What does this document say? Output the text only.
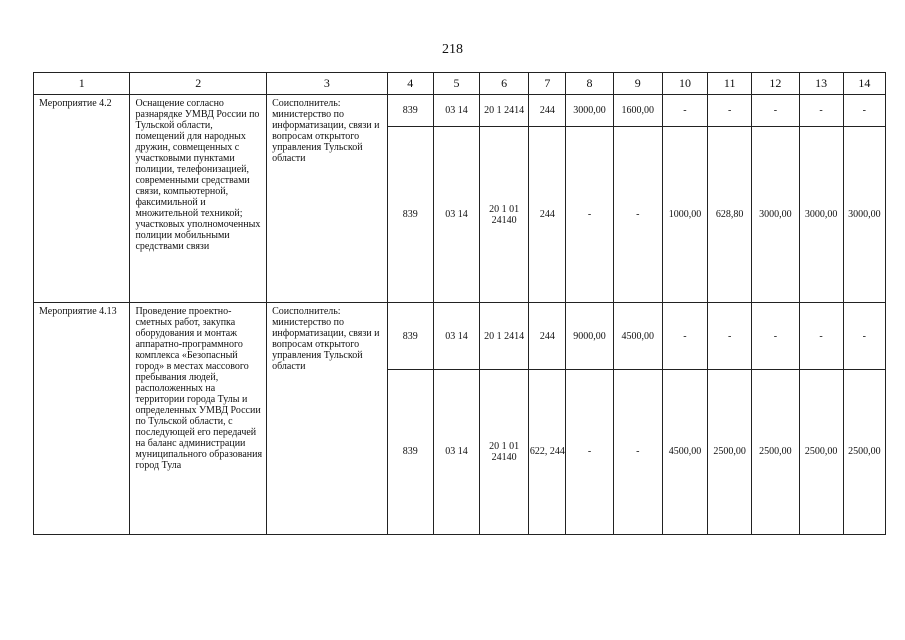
218
1	2	3	4	5	6	7	8	9	10	11	12	13	14
Мероприятие 4.2	Оснащение согласно разнарядке УМВД России по Тульской области, помещений для народных дружин, совмещенных с участковыми пунктами полиции, телефонизацией, современными средствами связи, компьютерной, факсимильной и множительной техникой; участковых уполномоченных полиции мобильными средствами связи	Соисполнитель: министерство по информатизации, связи и вопросам открытого управления Тульской области	839	03 14	20 1 2414	244	3000,00	1600,00	-	-	-	-	-
			839	03 14	20 1 01 24140	244	-	-	1000,00	628,80	3000,00	3000,00	3000,00
Мероприятие 4.13	Проведение проектно-сметных работ, закупка оборудования и монтаж аппаратно-программного комплекса «Безопасный город» в местах массового пребывания людей, расположенных на территории города Тулы и определенных УМВД России по Тульской области, с последующей его передачей на баланс администрации муниципального образования город Тула	Соисполнитель: министерство по информатизации, связи и вопросам открытого управления Тульской области	839	03 14	20 1 2414	244	9000,00	4500,00	-	-	-	-	-
			839	03 14	20 1 01 24140	622, 244	-	-	4500,00	2500,00	2500,00	2500,00	2500,00
